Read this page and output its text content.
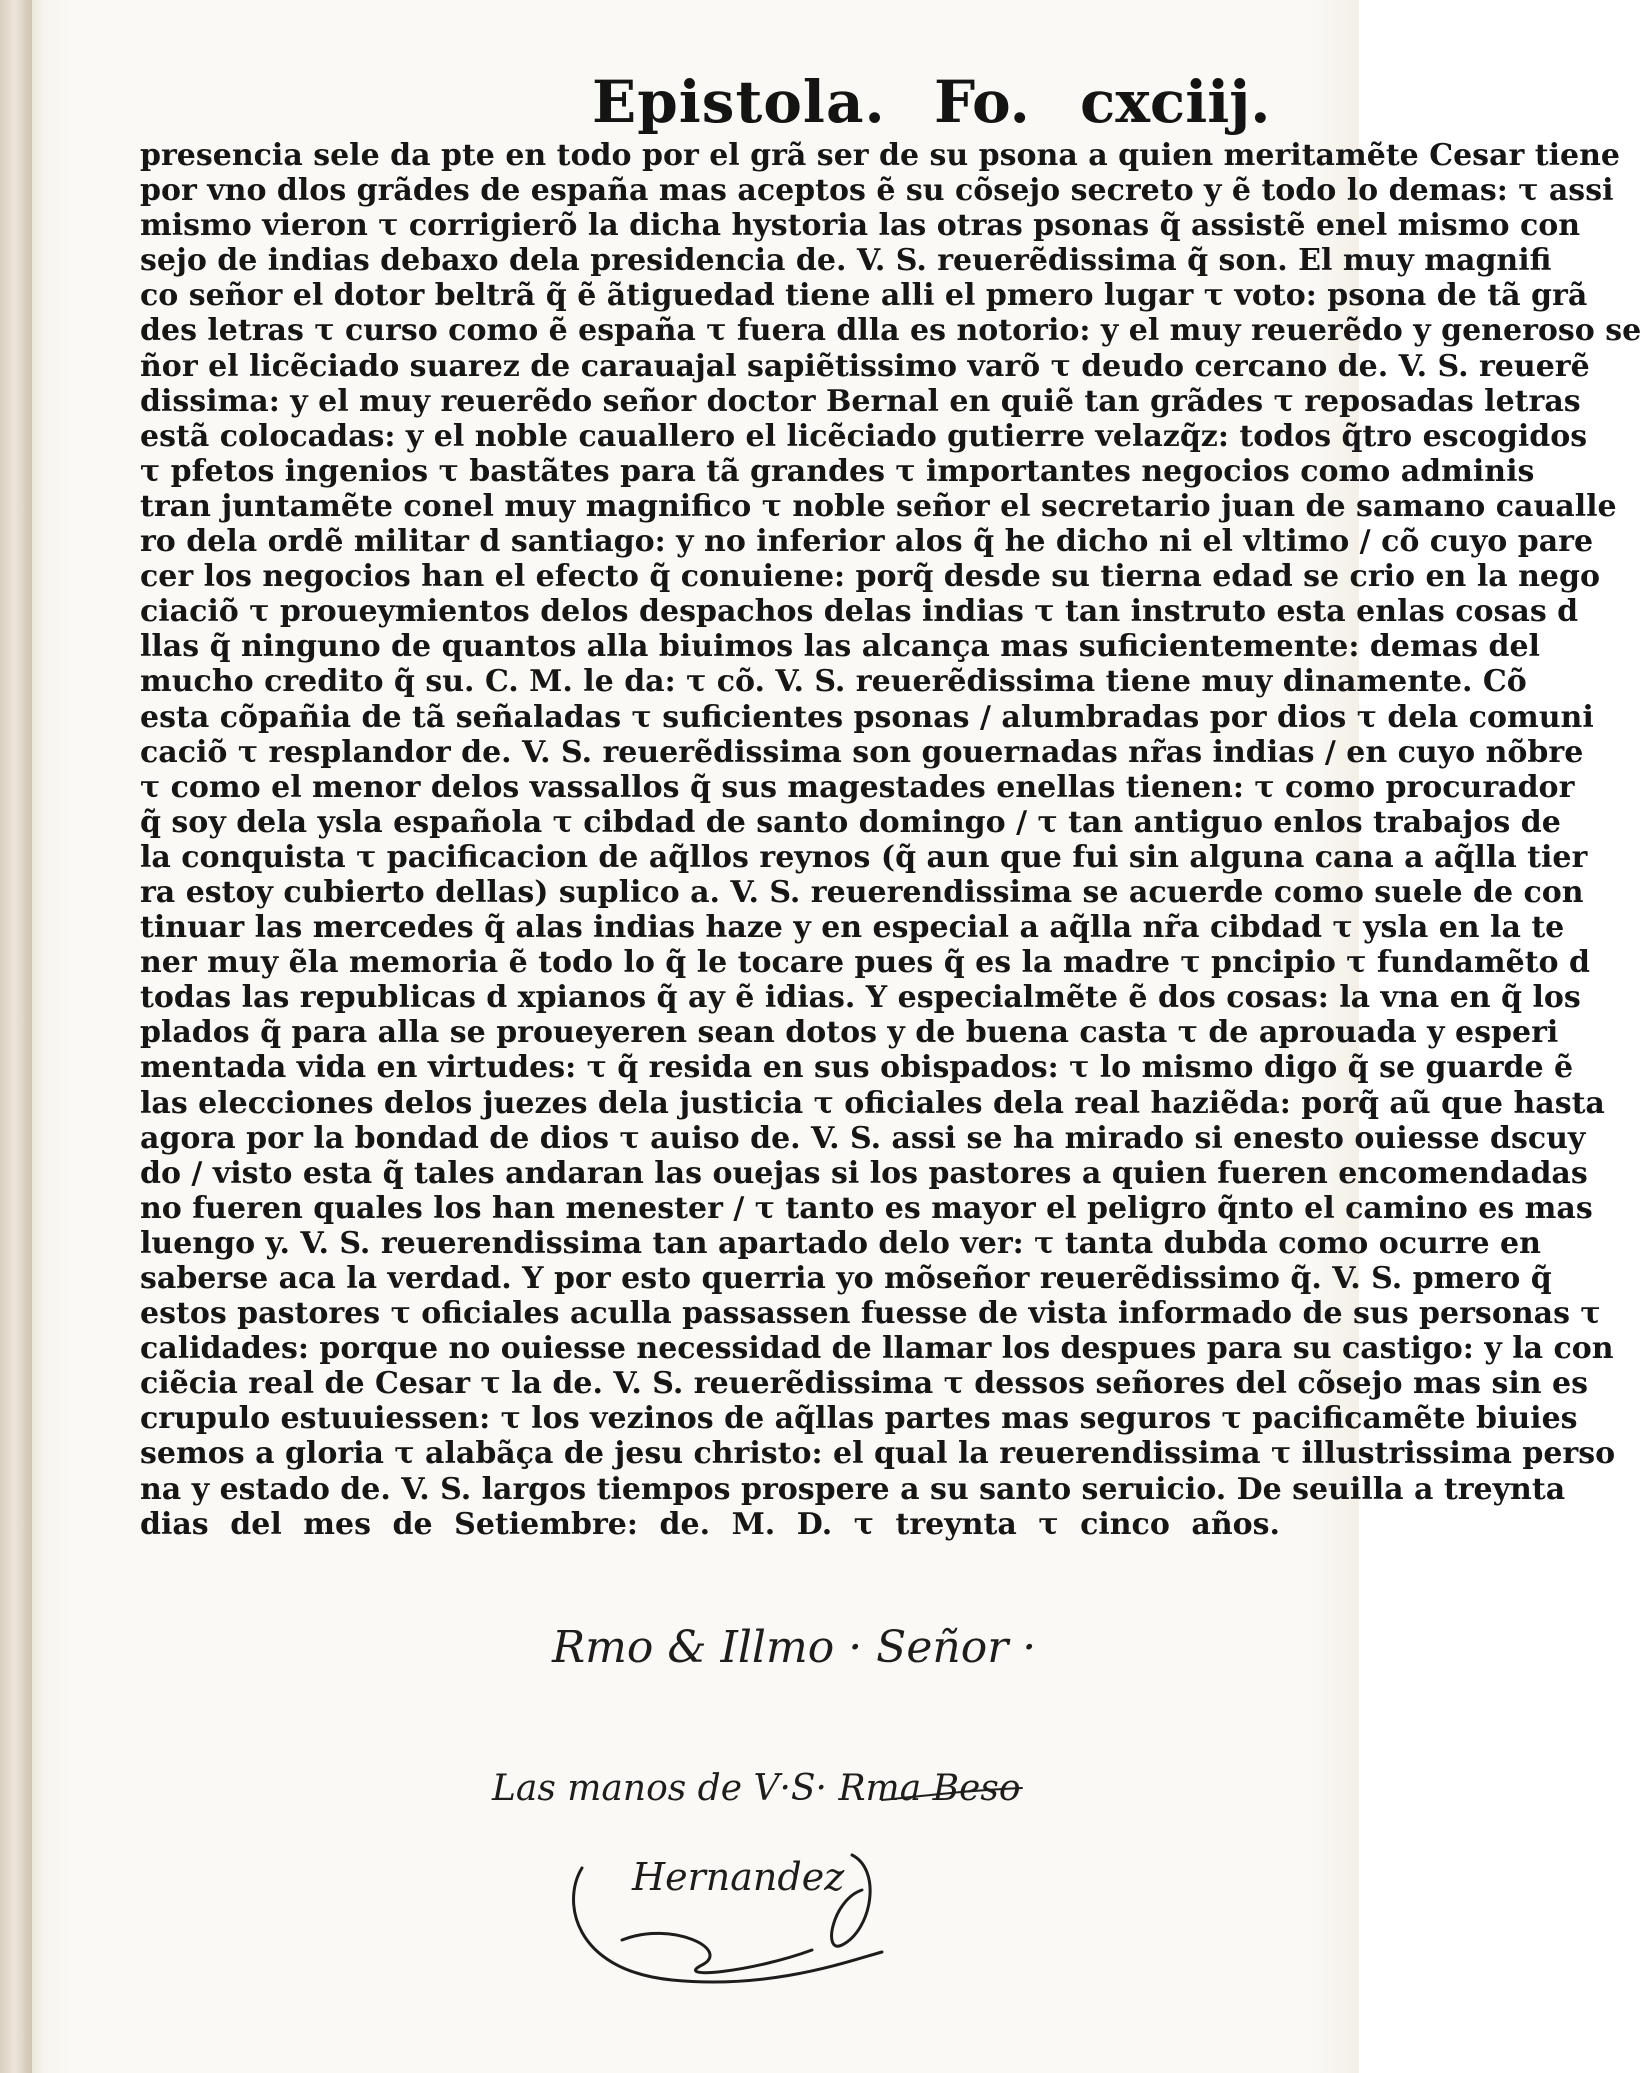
Epistola. Fo. cxciij.
presencia sele da pte en todo por el grã ser de su psona a quien meritamẽte Cesar tiene
por vno dlos grãdes de españa mas aceptos ẽ su cõsejo secreto y ẽ todo lo demas: τ assi
mismo vieron τ corrigierõ la dicha hystoria las otras psonas q̃ assistẽ enel mismo con
sejo de indias debaxo dela presidencia de. V. S. reuerẽdissima q̃ son. El muy magnifi
co señor el dotor beltrã q̃ ẽ ãtiguedad tiene alli el pmero lugar τ voto: psona de tã grã
des letras τ curso como ẽ españa τ fuera dlla es notorio: y el muy reuerẽdo y generoso se
ñor el licẽciado suarez de carauajal sapiẽtissimo varõ τ deudo cercano de. V. S. reuerẽ
dissima: y el muy reuerẽdo señor doctor Bernal en quiẽ tan grãdes τ reposadas letras
estã colocadas: y el noble cauallero el licẽciado gutierre velazq̃z: todos q̃tro escogidos
τ pfetos ingenios τ bastãtes para tã grandes τ importantes negocios como adminis
tran juntamẽte conel muy magnifico τ noble señor el secretario juan de samano caualle
ro dela ordẽ militar d santiago: y no inferior alos q̃ he dicho ni el vltimo / cõ cuyo pare
cer los negocios han el efecto q̃ conuiene: porq̃ desde su tierna edad se crio en la nego
ciaciõ τ proueymientos delos despachos delas indias τ tan instruto esta enlas cosas d
llas q̃ ninguno de quantos alla biuimos las alcança mas suficientemente: demas del
mucho credito q̃ su. C. M. le da: τ cõ. V. S. reuerẽdissima tiene muy dinamente. Cõ
esta cõpañia de tã señaladas τ suficientes psonas / alumbradas por dios τ dela comuni
caciõ τ resplandor de. V. S. reuerẽdissima son gouernadas nr̃as indias / en cuyo nõbre
τ como el menor delos vassallos q̃ sus magestades enellas tienen: τ como procurador
q̃ soy dela ysla española τ cibdad de santo domingo / τ tan antiguo enlos trabajos de
la conquista τ pacificacion de aq̃llos reynos (q̃ aun que fui sin alguna cana a aq̃lla tier
ra estoy cubierto dellas) suplico a. V. S. reuerendissima se acuerde como suele de con
tinuar las mercedes q̃ alas indias haze y en especial a aq̃lla nr̃a cibdad τ ysla en la te
ner muy ẽla memoria ẽ todo lo q̃ le tocare pues q̃ es la madre τ pncipio τ fundamẽto d
todas las republicas d xpianos q̃ ay ẽ idias. Y especialmẽte ẽ dos cosas: la vna en q̃ los
plados q̃ para alla se proueyeren sean dotos y de buena casta τ de aprouada y esperi
mentada vida en virtudes: τ q̃ resida en sus obispados: τ lo mismo digo q̃ se guarde ẽ
las elecciones delos juezes dela justicia τ oficiales dela real haziẽda: porq̃ aũ que hasta
agora por la bondad de dios τ auiso de. V. S. assi se ha mirado si enesto ouiesse dscuy
do / visto esta q̃ tales andaran las ouejas si los pastores a quien fueren encomendadas
no fueren quales los han menester / τ tanto es mayor el peligro q̃nto el camino es mas
luengo y. V. S. reuerendissima tan apartado delo ver: τ tanta dubda como ocurre en
saberse aca la verdad. Y por esto querria yo mõseñor reuerẽdissimo q̃. V. S. pmero q̃
estos pastores τ oficiales aculla passassen fuesse de vista informado de sus personas τ
calidades: porque no ouiesse necessidad de llamar los despues para su castigo: y la con
ciẽcia real de Cesar τ la de. V. S. reuerẽdissima τ dessos señores del cõsejo mas sin es
crupulo estuuiessen: τ los vezinos de aq̃llas partes mas seguros τ pacificamẽte biuies
semos a gloria τ alabãça de jesu christo: el qual la reuerendissima τ illustrissima perso
na y estado de. V. S. largos tiempos prospere a su santo seruicio. De seuilla a treynta
dias del mes de Setiembre: de. M. D. τ treynta τ cinco años.
Rmo & Illmo · Señor ·
Las manos de V·S· Rma Beso
Hernandez
